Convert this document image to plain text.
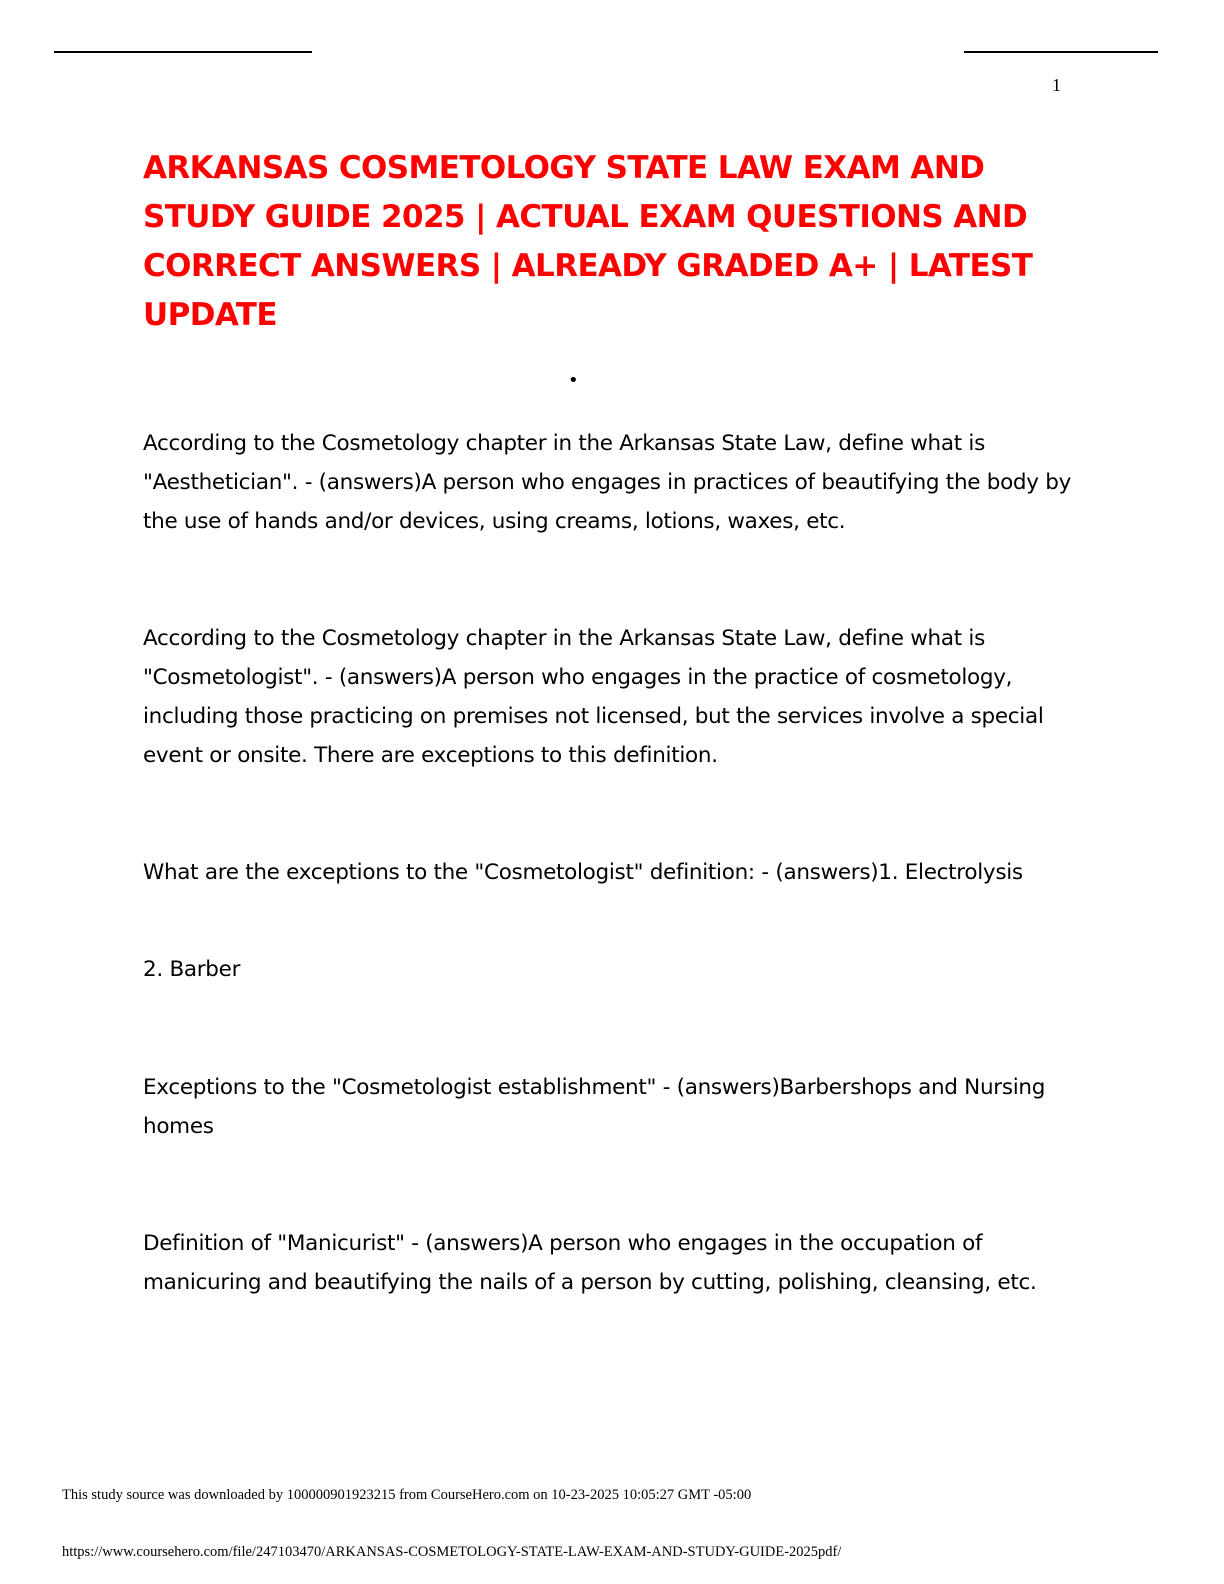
1
ARKANSAS COSMETOLOGY STATE LAW EXAM AND STUDY GUIDE 2025 | ACTUAL EXAM QUESTIONS AND CORRECT ANSWERS | ALREADY GRADED A+ | LATEST UPDATE
•

According to the Cosmetology chapter in the Arkansas State Law, define what is "Aesthetician". - (answers)A person who engages in practices of beautifying the body by the use of hands and/or devices, using creams, lotions, waxes, etc.

According to the Cosmetology chapter in the Arkansas State Law, define what is "Cosmetologist". - (answers)A person who engages in the practice of cosmetology, including those practicing on premises not licensed, but the services involve a special event or onsite. There are exceptions to this definition.

What are the exceptions to the "Cosmetologist" definition: - (answers)1. Electrolysis

2. Barber

Exceptions to the "Cosmetologist establishment" - (answers)Barbershops and Nursing homes

Definition of "Manicurist" - (answers)A person who engages in the occupation of manicuring and beautifying the nails of a person by cutting, polishing, cleansing, etc.

This study source was downloaded by 100000901923215 from CourseHero.com on 10-23-2025 10:05:27 GMT -05:00
https://www.coursehero.com/file/247103470/ARKANSAS-COSMETOLOGY-STATE-LAW-EXAM-AND-STUDY-GUIDE-2025pdf/
